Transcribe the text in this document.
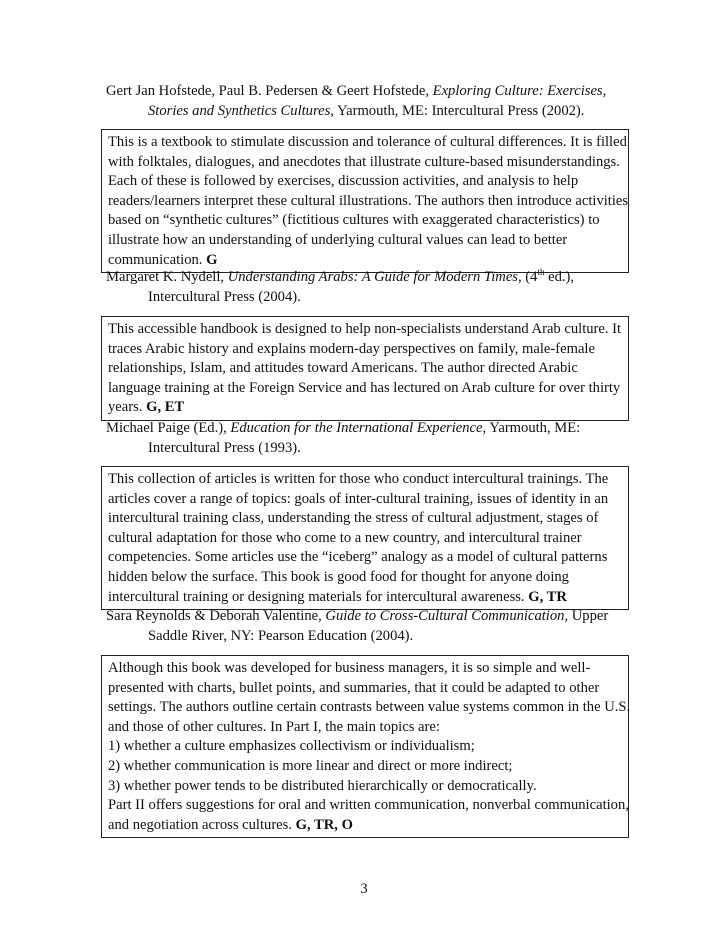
Gert Jan Hofstede, Paul B. Pedersen & Geert Hofstede, Exploring Culture: Exercises,
Stories and Synthetics Cultures, Yarmouth, ME: Intercultural Press (2002).
This is a textbook to stimulate discussion and tolerance of cultural differences. It is filled
with folktales, dialogues, and anecdotes that illustrate culture-based misunderstandings.
Each of these is followed by exercises, discussion activities, and analysis to help
readers/learners interpret these cultural illustrations. The authors then introduce activities
based on “synthetic cultures” (fictitious cultures with exaggerated characteristics) to
illustrate how an understanding of underlying cultural values can lead to better
communication. G
Margaret K. Nydell, Understanding Arabs: A Guide for Modern Times, (4th ed.),
Intercultural Press (2004).
This accessible handbook is designed to help non-specialists understand Arab culture. It
traces Arabic history and explains modern-day perspectives on family, male-female
relationships, Islam, and attitudes toward Americans. The author directed Arabic
language training at the Foreign Service and has lectured on Arab culture for over thirty
years. G, ET
Michael Paige (Ed.), Education for the International Experience, Yarmouth, ME:
Intercultural Press (1993).
This collection of articles is written for those who conduct intercultural trainings. The
articles cover a range of topics: goals of inter-cultural training, issues of identity in an
intercultural training class, understanding the stress of cultural adjustment, stages of
cultural adaptation for those who come to a new country, and intercultural trainer
competencies. Some articles use the “iceberg” analogy as a model of cultural patterns
hidden below the surface. This book is good food for thought for anyone doing
intercultural training or designing materials for intercultural awareness. G, TR
Sara Reynolds & Deborah Valentine, Guide to Cross-Cultural Communication, Upper
Saddle River, NY: Pearson Education (2004).
Although this book was developed for business managers, it is so simple and well-
presented with charts, bullet points, and summaries, that it could be adapted to other
settings. The authors outline certain contrasts between value systems common in the U.S.
and those of other cultures. In Part I, the main topics are:
1) whether a culture emphasizes collectivism or individualism;
2) whether communication is more linear and direct or more indirect;
3) whether power tends to be distributed hierarchically or democratically.
Part II offers suggestions for oral and written communication, nonverbal communication,
and negotiation across cultures. G, TR, O
3
